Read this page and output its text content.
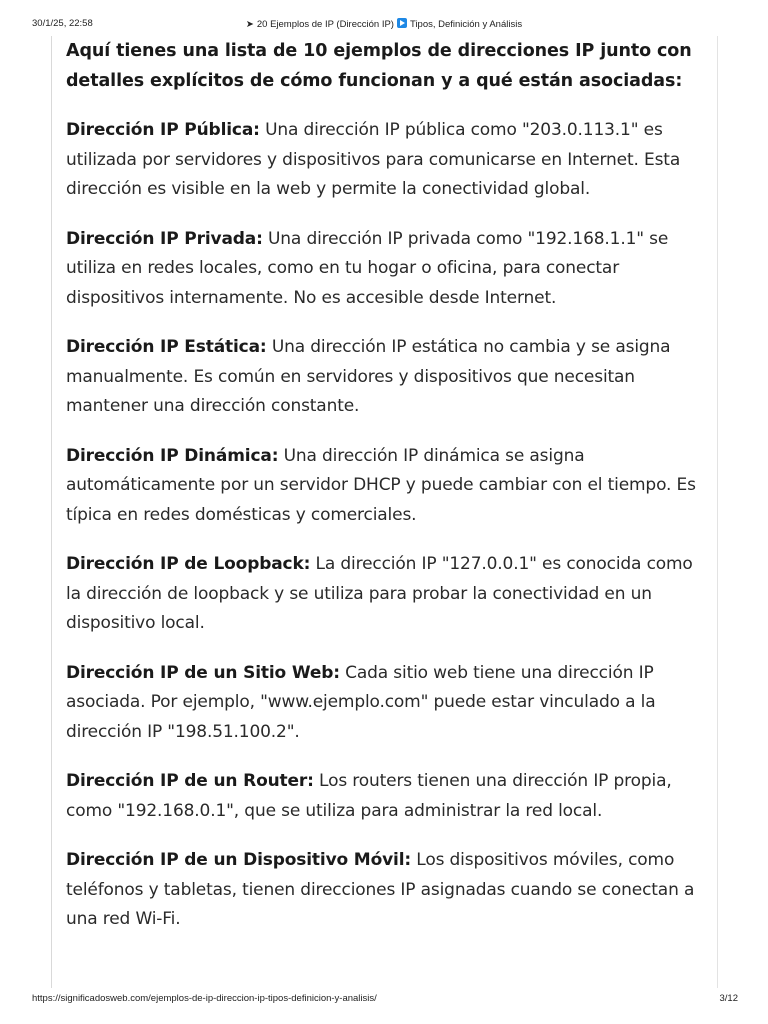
30/1/25, 22:58	➤ 20 Ejemplos de IP (Dirección IP) Tipos, Definición y Análisis

Aquí tienes una lista de 10 ejemplos de direcciones IP junto con detalles explícitos de cómo funcionan y a qué están asociadas:

Dirección IP Pública: Una dirección IP pública como "203.0.113.1" es utilizada por servidores y dispositivos para comunicarse en Internet. Esta dirección es visible en la web y permite la conectividad global.

Dirección IP Privada: Una dirección IP privada como "192.168.1.1" se utiliza en redes locales, como en tu hogar o oficina, para conectar dispositivos internamente. No es accesible desde Internet.

Dirección IP Estática: Una dirección IP estática no cambia y se asigna manualmente. Es común en servidores y dispositivos que necesitan mantener una dirección constante.

Dirección IP Dinámica: Una dirección IP dinámica se asigna automáticamente por un servidor DHCP y puede cambiar con el tiempo. Es típica en redes domésticas y comerciales.

Dirección IP de Loopback: La dirección IP "127.0.0.1" es conocida como la dirección de loopback y se utiliza para probar la conectividad en un dispositivo local.

Dirección IP de un Sitio Web: Cada sitio web tiene una dirección IP asociada. Por ejemplo, "www.ejemplo.com" puede estar vinculado a la dirección IP "198.51.100.2".

Dirección IP de un Router: Los routers tienen una dirección IP propia, como "192.168.0.1", que se utiliza para administrar la red local.

Dirección IP de un Dispositivo Móvil: Los dispositivos móviles, como teléfonos y tabletas, tienen direcciones IP asignadas cuando se conectan a una red Wi-Fi.

https://significadosweb.com/ejemplos-de-ip-direccion-ip-tipos-definicion-y-analisis/	3/12
